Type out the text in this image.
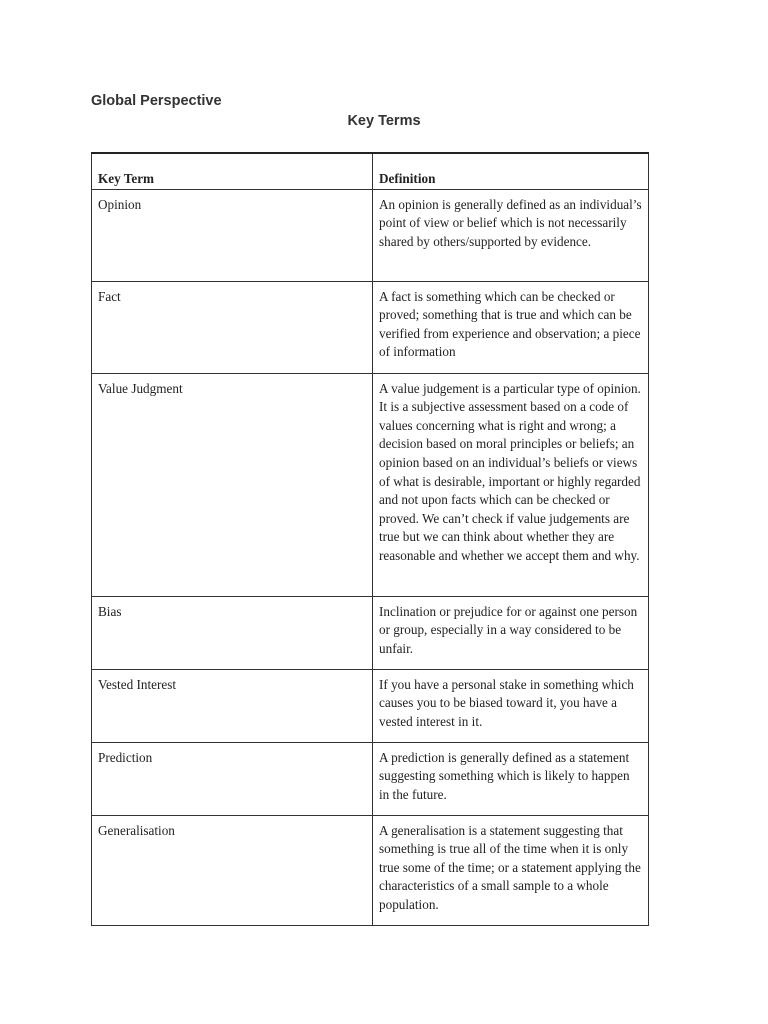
Global Perspective
Key Terms
Key Term	Definition
Opinion	An opinion is generally defined as an individual’s point of view or belief which is not necessarily shared by others/supported by evidence.
Fact	A fact is something which can be checked or proved; something that is true and which can be verified from experience and observation; a piece of information
Value Judgment	A value judgement is a particular type of opinion. It is a subjective assessment based on a code of values concerning what is right and wrong; a decision based on moral principles or beliefs; an opinion based on an individual’s beliefs or views of what is desirable, important or highly regarded and not upon facts which can be checked or proved. We can’t check if value judgements are true but we can think about whether they are reasonable and whether we accept them and why.
Bias	Inclination or prejudice for or against one person or group, especially in a way considered to be unfair.
Vested Interest	If you have a personal stake in something which causes you to be biased toward it, you have a vested interest in it.
Prediction	A prediction is generally defined as a statement suggesting something which is likely to happen in the future.
Generalisation	A generalisation is a statement suggesting that something is true all of the time when it is only true some of the time; or a statement applying the characteristics of a small sample to a whole population.
